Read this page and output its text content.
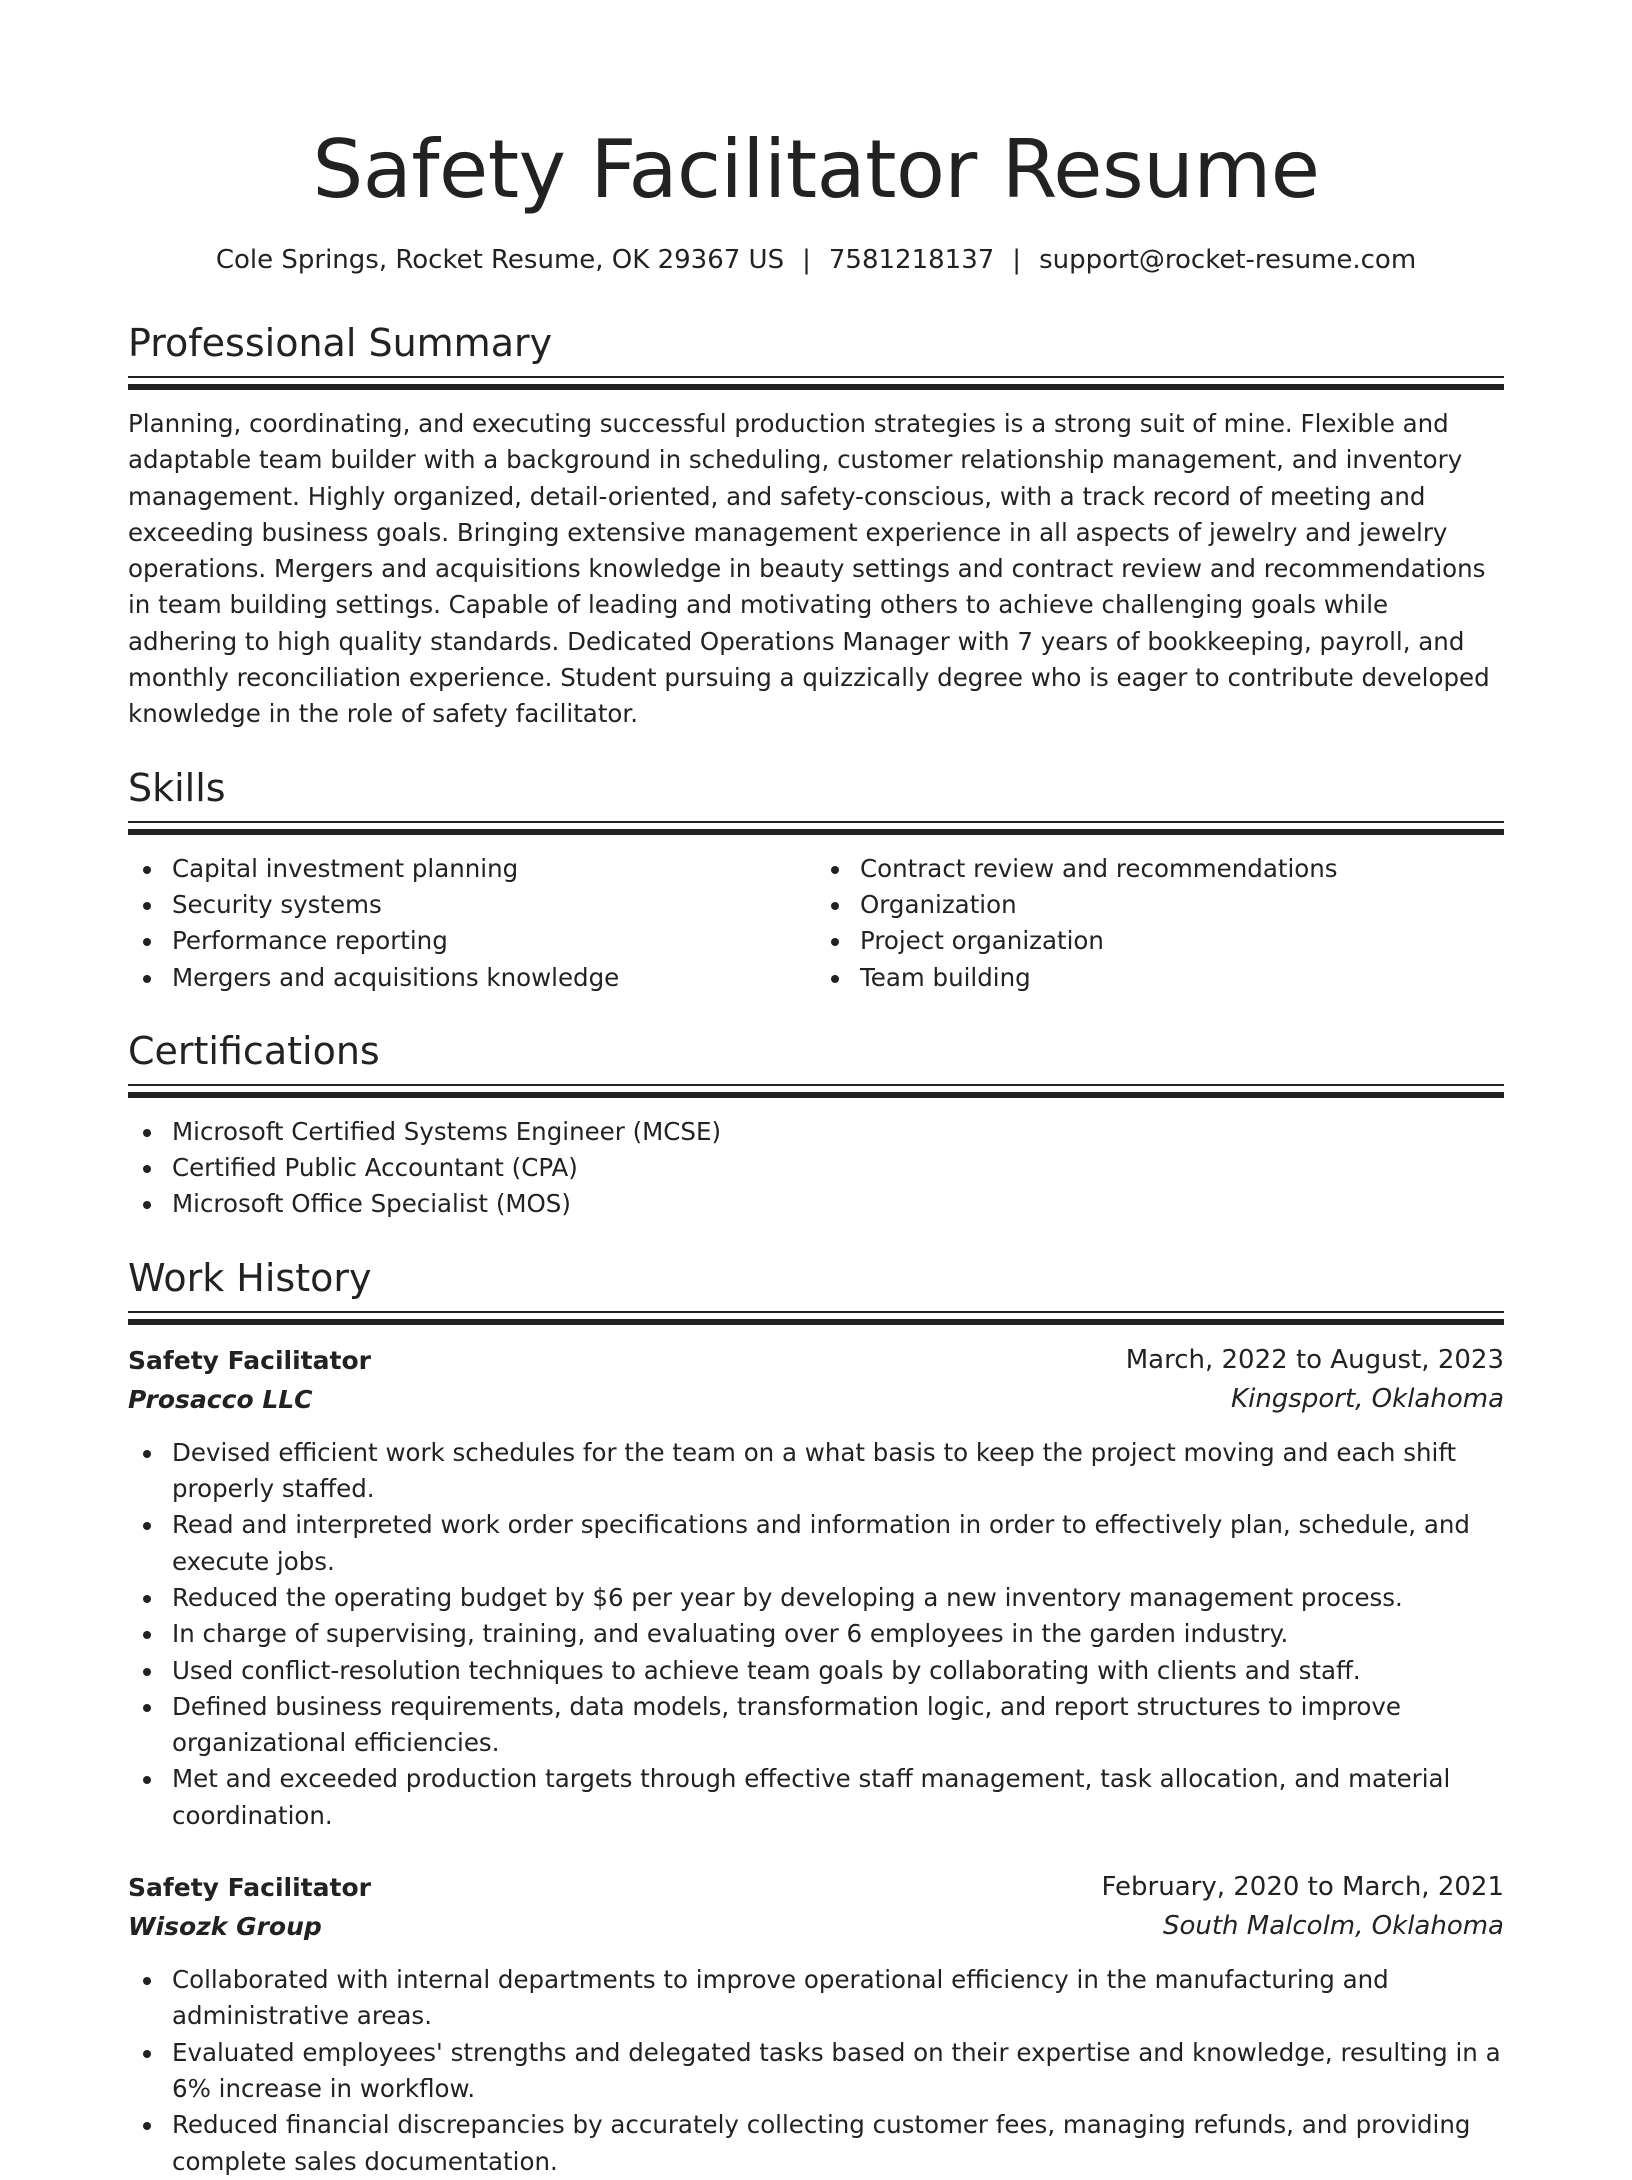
Safety Facilitator Resume
Cole Springs, Rocket Resume, OK 29367 US | 7581218137 | support@rocket-resume.com
Professional Summary

Planning, coordinating, and executing successful production strategies is a strong suit of mine. Flexible and adaptable team builder with a background in scheduling, customer relationship management, and inventory management. Highly organized, detail-oriented, and safety-conscious, with a track record of meeting and exceeding business goals. Bringing extensive management experience in all aspects of jewelry and jewelry operations. Mergers and acquisitions knowledge in beauty settings and contract review and recommendations in team building settings. Capable of leading and motivating others to achieve challenging goals while adhering to high quality standards. Dedicated Operations Manager with 7 years of bookkeeping, payroll, and monthly reconciliation experience. Student pursuing a quizzically degree who is eager to contribute developed knowledge in the role of safety facilitator.

Skills
Capital investment planning
Security systems
Performance reporting
Mergers and acquisitions knowledge
Contract review and recommendations
Organization
Project organization
Team building
Certifications
Microsoft Certified Systems Engineer (MCSE)
Certified Public Accountant (CPA)
Microsoft Office Specialist (MOS)
Work History
Safety Facilitator	March, 2022 to August, 2023
Prosacco LLC	Kingsport, Oklahoma
Devised efficient work schedules for the team on a what basis to keep the project moving and each shift properly staffed.
Read and interpreted work order specifications and information in order to effectively plan, schedule, and execute jobs.
Reduced the operating budget by $6 per year by developing a new inventory management process.
In charge of supervising, training, and evaluating over 6 employees in the garden industry.
Used conflict-resolution techniques to achieve team goals by collaborating with clients and staff.
Defined business requirements, data models, transformation logic, and report structures to improve organizational efficiencies.
Met and exceeded production targets through effective staff management, task allocation, and material coordination.
Safety Facilitator	February, 2020 to March, 2021
Wisozk Group	South Malcolm, Oklahoma
Collaborated with internal departments to improve operational efficiency in the manufacturing and administrative areas.
Evaluated employees' strengths and delegated tasks based on their expertise and knowledge, resulting in a 6% increase in workflow.
Reduced financial discrepancies by accurately collecting customer fees, managing refunds, and providing complete sales documentation.
